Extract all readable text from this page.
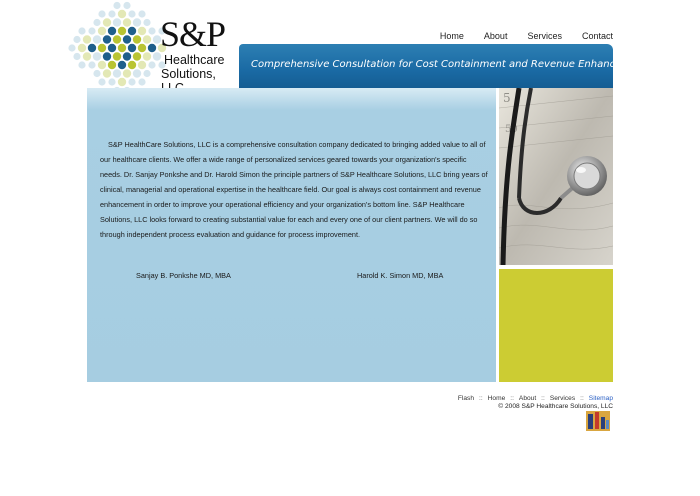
S&P
Healthcare
Solutions,
Home About Services Contact
Comprehensive Consultation for Cost Containment and Revenue Enhancement

S&P HealthCare Solutions, LLC is a comprehensive consultation company dedicated to bringing added value to all of our healthcare clients. We offer a wide range of personalized services geared towards your organization's specific needs. Dr. Sanjay Ponkshe and Dr. Harold Simon the principle partners of S&P Healthcare Solutions, LLC bring years of clinical, managerial and operational expertise in the healthcare field. Our goal is always cost containment and revenue enhancement in order to improve your operational efficiency and your organization's bottom line. S&P Healthcare Solutions, LLC looks forward to creating substantial value for each and every one of our client partners. We will do so through independent process evaluation and guidance for process improvement.

Sanjay B. Ponkshe MD, MBA	Harold K. Simon MD, MBA
5
50
Flash :: Home :: About :: Services :: Sitemap
© 2008 S&P Healthcare Solutions, LLC
